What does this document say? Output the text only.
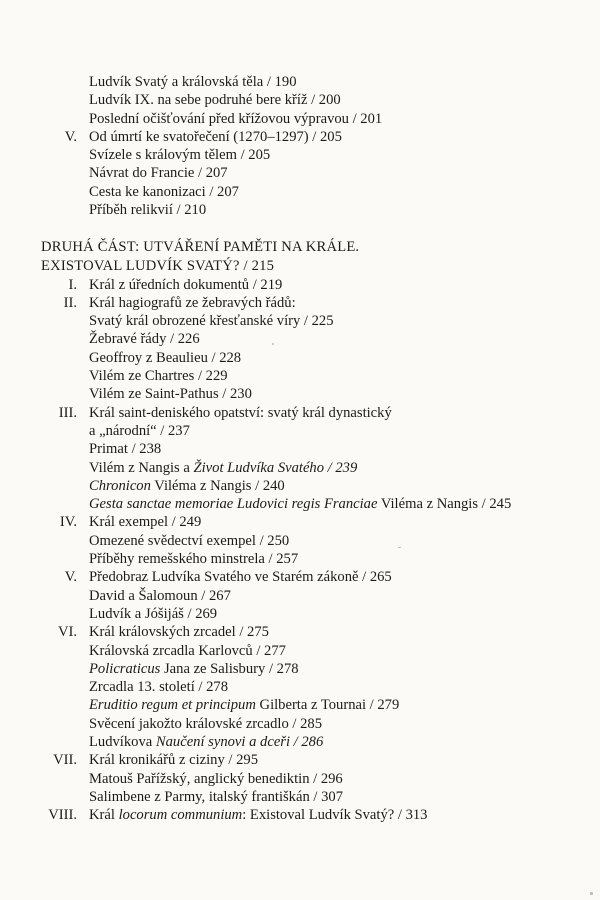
Ludvík Svatý a královská těla / 190
Ludvík IX. na sebe podruhé bere kříž / 200
Poslední očišťování před křížovou výpravou / 201
V. Od úmrtí ke svatořečení (1270–1297) / 205
Svízele s královým tělem / 205
Návrat do Francie / 207
Cesta ke kanonizaci / 207
Příběh relikvií / 210
DRUHÁ ČÁST: UTVÁŘENÍ PAMĚTI NA KRÁLE.
EXISTOVAL LUDVÍK SVATÝ? / 215
I. Král z úředních dokumentů / 219
II. Král hagiografů ze žebravých řádů:
Svatý král obrozené křesťanské víry / 225
Žebravé řády / 226
Geoffroy z Beaulieu / 228
Vilém ze Chartres / 229
Vilém ze Saint-Pathus / 230
III. Král saint-deniského opatství: svatý král dynastický
a „národní“ / 237
Primat / 238
Vilém z Nangis a Život Ludvíka Svatého / 239
Chronicon Viléma z Nangis / 240
Gesta sanctae memoriae Ludovici regis Franciae Viléma z Nangis / 245
IV. Král exempel / 249
Omezené svědectví exempel / 250
Příběhy remešského minstrela / 257
V. Předobraz Ludvíka Svatého ve Starém zákoně / 265
David a Šalomoun / 267
Ludvík a Jóšijáš / 269
VI. Král královských zrcadel / 275
Královská zrcadla Karlovců / 277
Policraticus Jana ze Salisbury / 278
Zrcadla 13. století / 278
Eruditio regum et principum Gilberta z Tournai / 279
Svěcení jakožto královské zrcadlo / 285
Ludvíkova Naučení synovi a dceři / 286
VII. Král kronikářů z ciziny / 295
Matouš Pařížský, anglický benediktin / 296
Salimbene z Parmy, italský františkán / 307
VIII. Král locorum communium: Existoval Ludvík Svatý? / 313
